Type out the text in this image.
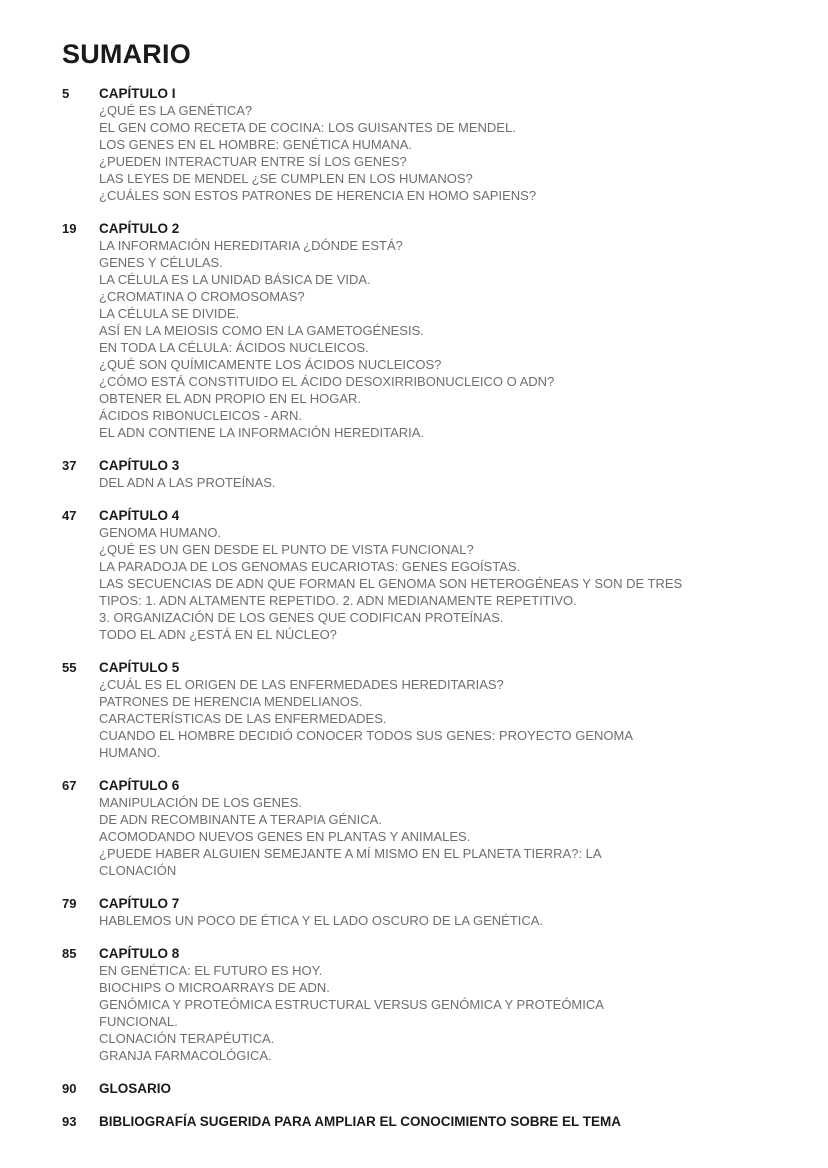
SUMARIO
5	CAPÍTULO I
¿QUÉ ES LA GENÉTICA?
EL GEN COMO RECETA DE COCINA: LOS GUISANTES DE MENDEL.
LOS GENES EN EL HOMBRE: GENÉTICA HUMANA.
¿PUEDEN INTERACTUAR ENTRE SÍ LOS GENES?
LAS LEYES DE MENDEL ¿SE CUMPLEN EN LOS HUMANOS?
¿CUÁLES SON ESTOS PATRONES DE HERENCIA EN HOMO SAPIENS?
19	CAPÍTULO 2
LA INFORMACIÓN HEREDITARIA ¿DÓNDE ESTÁ?
GENES Y CÉLULAS.
LA CÉLULA ES LA UNIDAD BÁSICA DE VIDA.
¿CROMATINA O CROMOSOMAS?
LA CÉLULA SE DIVIDE.
ASÍ EN LA MEIOSIS COMO EN LA GAMETOGÉNESIS.
EN TODA LA CÉLULA: ÁCIDOS NUCLEICOS.
¿QUÉ SON QUÍMICAMENTE LOS ÁCIDOS NUCLEICOS?
¿CÓMO ESTÁ CONSTITUIDO EL ÁCIDO DESOXIRRIBONUCLEICO O ADN?
OBTENER EL ADN PROPIO EN EL HOGAR.
ÁCIDOS RIBONUCLEICOS - ARN.
EL ADN CONTIENE LA INFORMACIÓN HEREDITARIA.
37	CAPÍTULO 3
DEL ADN A LAS PROTEÍNAS.
47	CAPÍTULO 4
GENOMA HUMANO.
¿QUÉ ES UN GEN DESDE EL PUNTO DE VISTA FUNCIONAL?
LA PARADOJA DE LOS GENOMAS EUCARIOTAS: GENES EGOÍSTAS.
LAS SECUENCIAS DE ADN QUE FORMAN EL GENOMA SON HETEROGÉNEAS Y SON DE TRES
TIPOS: 1. ADN ALTAMENTE REPETIDO. 2. ADN MEDIANAMENTE REPETITIVO.
3. ORGANIZACIÓN DE LOS GENES QUE CODIFICAN PROTEÍNAS.
TODO EL ADN ¿ESTÁ EN EL NÚCLEO?
55	CAPÍTULO 5
¿CUÁL ES EL ORIGEN DE LAS ENFERMEDADES HEREDITARIAS?
PATRONES DE HERENCIA MENDELIANOS.
CARACTERÍSTICAS DE LAS ENFERMEDADES.
CUANDO EL HOMBRE DECIDIÓ CONOCER TODOS SUS GENES: PROYECTO GENOMA
HUMANO.
67	CAPÍTULO 6
MANIPULACIÓN DE LOS GENES.
DE ADN RECOMBINANTE A TERAPIA GÉNICA.
ACOMODANDO NUEVOS GENES EN PLANTAS Y ANIMALES.
¿PUEDE HABER ALGUIEN SEMEJANTE A MÍ MISMO EN EL PLANETA TIERRA?: LA
CLONACIÓN
79	CAPÍTULO 7
HABLEMOS UN POCO DE ÉTICA Y EL LADO OSCURO DE LA GENÉTICA.
85	CAPÍTULO 8
EN GENÉTICA: EL FUTURO ES HOY.
BIOCHIPS O MICROARRAYS DE ADN.
GENÓMICA Y PROTEÓMICA ESTRUCTURAL VERSUS GENÓMICA Y PROTEÓMICA
FUNCIONAL.
CLONACIÓN TERAPÉUTICA.
GRANJA FARMACOLÓGICA.
90	GLOSARIO
93	BIBLIOGRAFÍA SUGERIDA PARA AMPLIAR EL CONOCIMIENTO SOBRE EL TEMA
